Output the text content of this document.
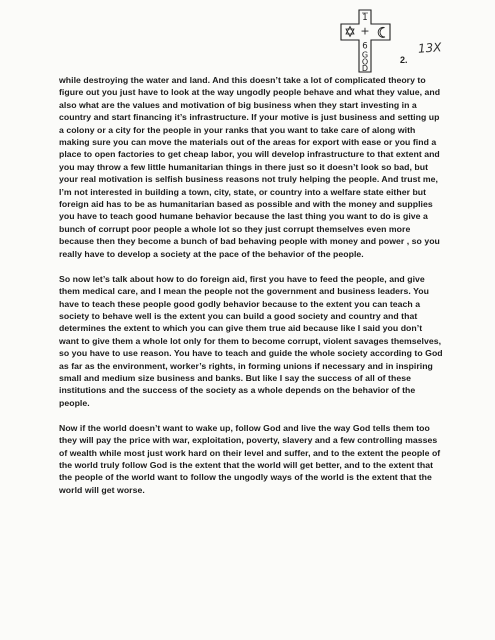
1
+
6
G
O
D
13X
2.

while destroying the water and land. And this doesn’t take a lot of complicated theory to figure out you just have to look at the way ungodly people behave and what they value, and also what are the values and motivation of big business when they start investing in a country and start financing it’s infrastructure. If your motive is just business and setting up a colony or a city for the people in your ranks that you want to take care of along with making sure you can move the materials out of the areas for export with ease or you find a place to open factories to get cheap labor, you will develop infrastructure to that extent and you may throw a few little humanitarian things in there just so it doesn’t look so bad, but your real motivation is selfish business reasons not truly helping the people. And trust me, I’m not interested in building a town, city, state, or country into a welfare state either but foreign aid has to be as humanitarian based as possible and with the money and supplies you have to teach good humane behavior because the last thing you want to do is give a bunch of corrupt poor people a whole lot so they just corrupt themselves even more because then they become a bunch of bad behaving people with money and power , so you really have to develop a society at the pace of the behavior of the people.

So now let’s talk about how to do foreign aid, first you have to feed the people, and give them medical care, and I mean the people not the government and business leaders. You have to teach these people good godly behavior because to the extent you can teach a society to behave well is the extent you can build a good society and country and that determines the extent to which you can give them true aid because like I said you don’t want to give them a whole lot only for them to become corrupt, violent savages themselves, so you have to use reason. You have to teach and guide the whole society according to God as far as the environment, worker’s rights, in forming unions if necessary and in inspiring small and medium size business and banks. But like I say the success of all of these institutions and the success of the society as a whole depends on the behavior of the people.

Now if the world doesn’t want to wake up, follow God and live the way God tells them too they will pay the price with war, exploitation, poverty, slavery and a few controlling masses of wealth while most just work hard on their level and suffer, and to the extent the people of the world truly follow God is the extent that the world will get better, and to the extent that the people of the world want to follow the ungodly ways of the world is the extent that the world will get worse.
